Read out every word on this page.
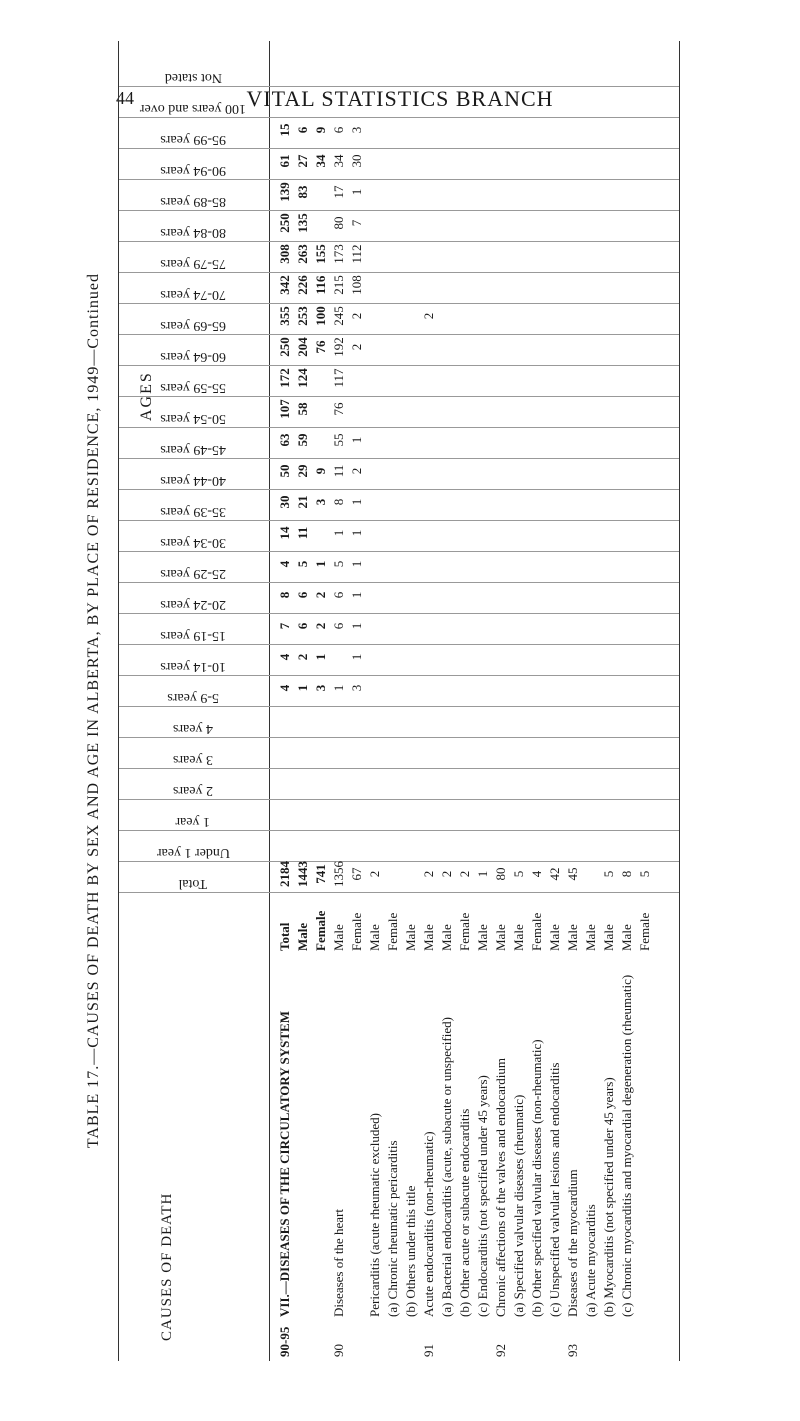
44	VITAL STATISTICS BRANCH
TABLE 17.—CAUSES OF DEATH BY SEX AND AGE IN ALBERTA, BY PLACE OF RESIDENCE, 1949—Continued AGES
CAUSES OF DEATH
Total
Under 1 year
1 year
2 years
3 years
4 years
5-9 years
10-14 years
15-19 years
20-24 years
25-29 years
30-34 years
35-39 years
40-44 years
45-49 years
50-54 years
55-59 years
60-64 years
65-69 years
70-74 years
75-79 years
80-84 years
85-89 years
90-94 years
95-99 years
100 years and over
Not stated
90-95
VII.—DISEASES OF THE CIRCULATORY SYSTEM
Total
2184
4
4
7
8
4
14
30
50
63
107
172
250
355
342
308
250
139
61
15
Male
1443
1
2
6
6
5
11
21
29
59
58
124
204
253
226
263
135
83
27
6
Female
741
3
1
2
2
1
3
9
76
100
116
155
34
9
90
Diseases of the heart
Male
1356
1
6
6
5
1
8
11
55
76
117
192
245
215
173
80
17
34
6
Female
67
3
1
1
1
1
1
1
2
1
2
2
108
112
7
1
30
3
Pericarditis (acute rheumatic excluded)
Male
2
(a) Chronic rheumatic pericarditis
Female
(b) Others under this title
Male
91
Acute endocarditis (non-rheumatic)
Male
2
2
(a) Bacterial endocarditis (acute, subacute or unspecified)
Male
2
(b) Other acute or subacute endocarditis
Female
2
(c) Endocarditis (not specified under 45 years)
Male
1
92
Chronic affections of the valves and endocardium
Male
80
(a) Specified valvular diseases (rheumatic)
Male
5
(b) Other specified valvular diseases (non-rheumatic)
Female
4
(c) Unspecified valvular lesions and endocarditis
Male
42
93
Diseases of the myocardium
Male
45
(a) Acute myocarditis
Male
(b) Myocarditis (not specified under 45 years)
Male
5
(c) Chronic myocarditis and myocardial degeneration (rheumatic)
Male
8
Female
5
